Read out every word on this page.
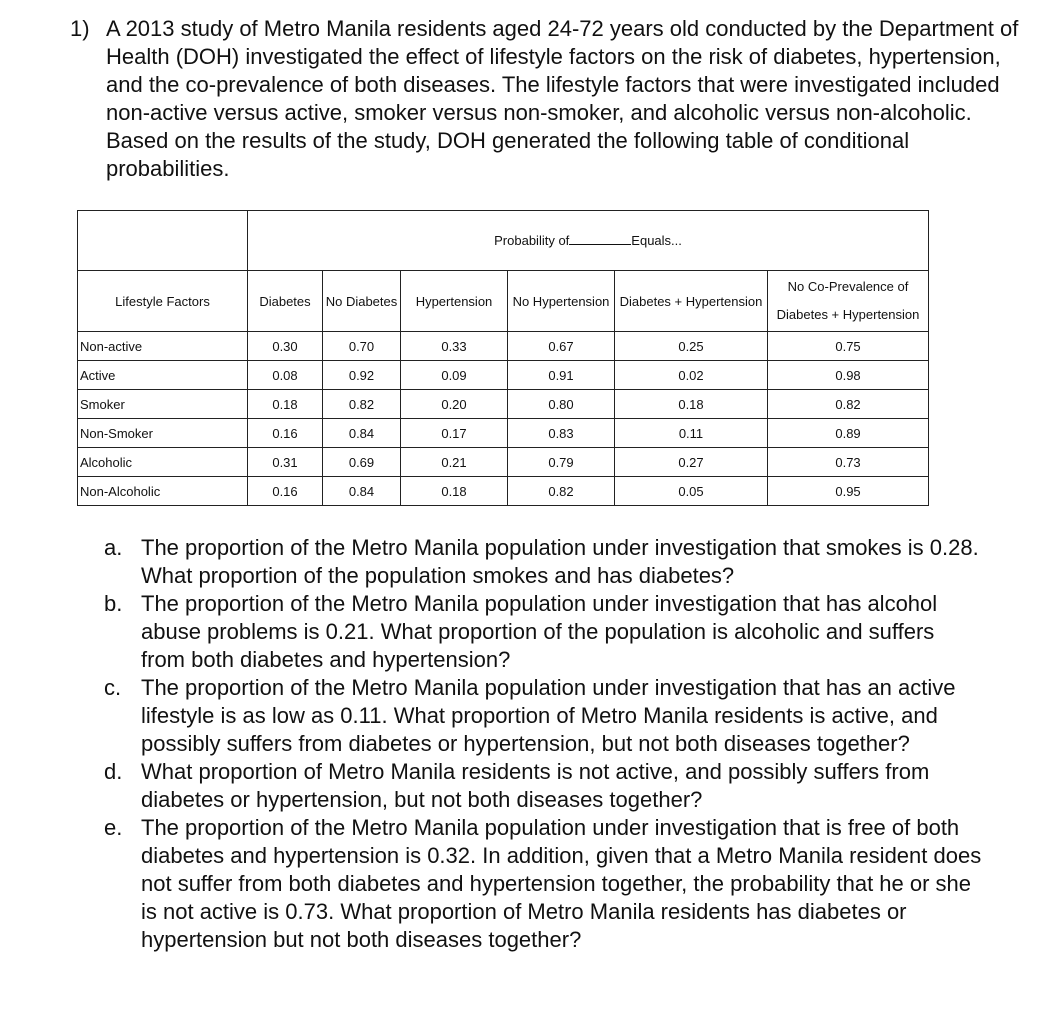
1) A 2013 study of Metro Manila residents aged 24-72 years old conducted by the Department of Health (DOH) investigated the effect of lifestyle factors on the risk of diabetes, hypertension, and the co-prevalence of both diseases. The lifestyle factors that were investigated included non-active versus active, smoker versus non-smoker, and alcoholic versus non-alcoholic. Based on the results of the study, DOH generated the following table of conditional probabilities.
	Probability of Equals...					
Lifestyle Factors	Diabetes	No Diabetes	Hypertension	No Hypertension	Diabetes + Hypertension	No Co-Prevalence of Diabetes + Hypertension
Non-active	0.30	0.70	0.33	0.67	0.25	0.75
Active	0.08	0.92	0.09	0.91	0.02	0.98
Smoker	0.18	0.82	0.20	0.80	0.18	0.82
Non-Smoker	0.16	0.84	0.17	0.83	0.11	0.89
Alcoholic	0.31	0.69	0.21	0.79	0.27	0.73
Non-Alcoholic	0.16	0.84	0.18	0.82	0.05	0.95
a. The proportion of the Metro Manila population under investigation that smokes is 0.28. What proportion of the population smokes and has diabetes?
b. The proportion of the Metro Manila population under investigation that has alcohol abuse problems is 0.21. What proportion of the population is alcoholic and suffers from both diabetes and hypertension?
c. The proportion of the Metro Manila population under investigation that has an active lifestyle is as low as 0.11. What proportion of Metro Manila residents is active, and possibly suffers from diabetes or hypertension, but not both diseases together?
d. What proportion of Metro Manila residents is not active, and possibly suffers from diabetes or hypertension, but not both diseases together?
e. The proportion of the Metro Manila population under investigation that is free of both diabetes and hypertension is 0.32. In addition, given that a Metro Manila resident does not suffer from both diabetes and hypertension together, the probability that he or she is not active is 0.73. What proportion of Metro Manila residents has diabetes or hypertension but not both diseases together?
